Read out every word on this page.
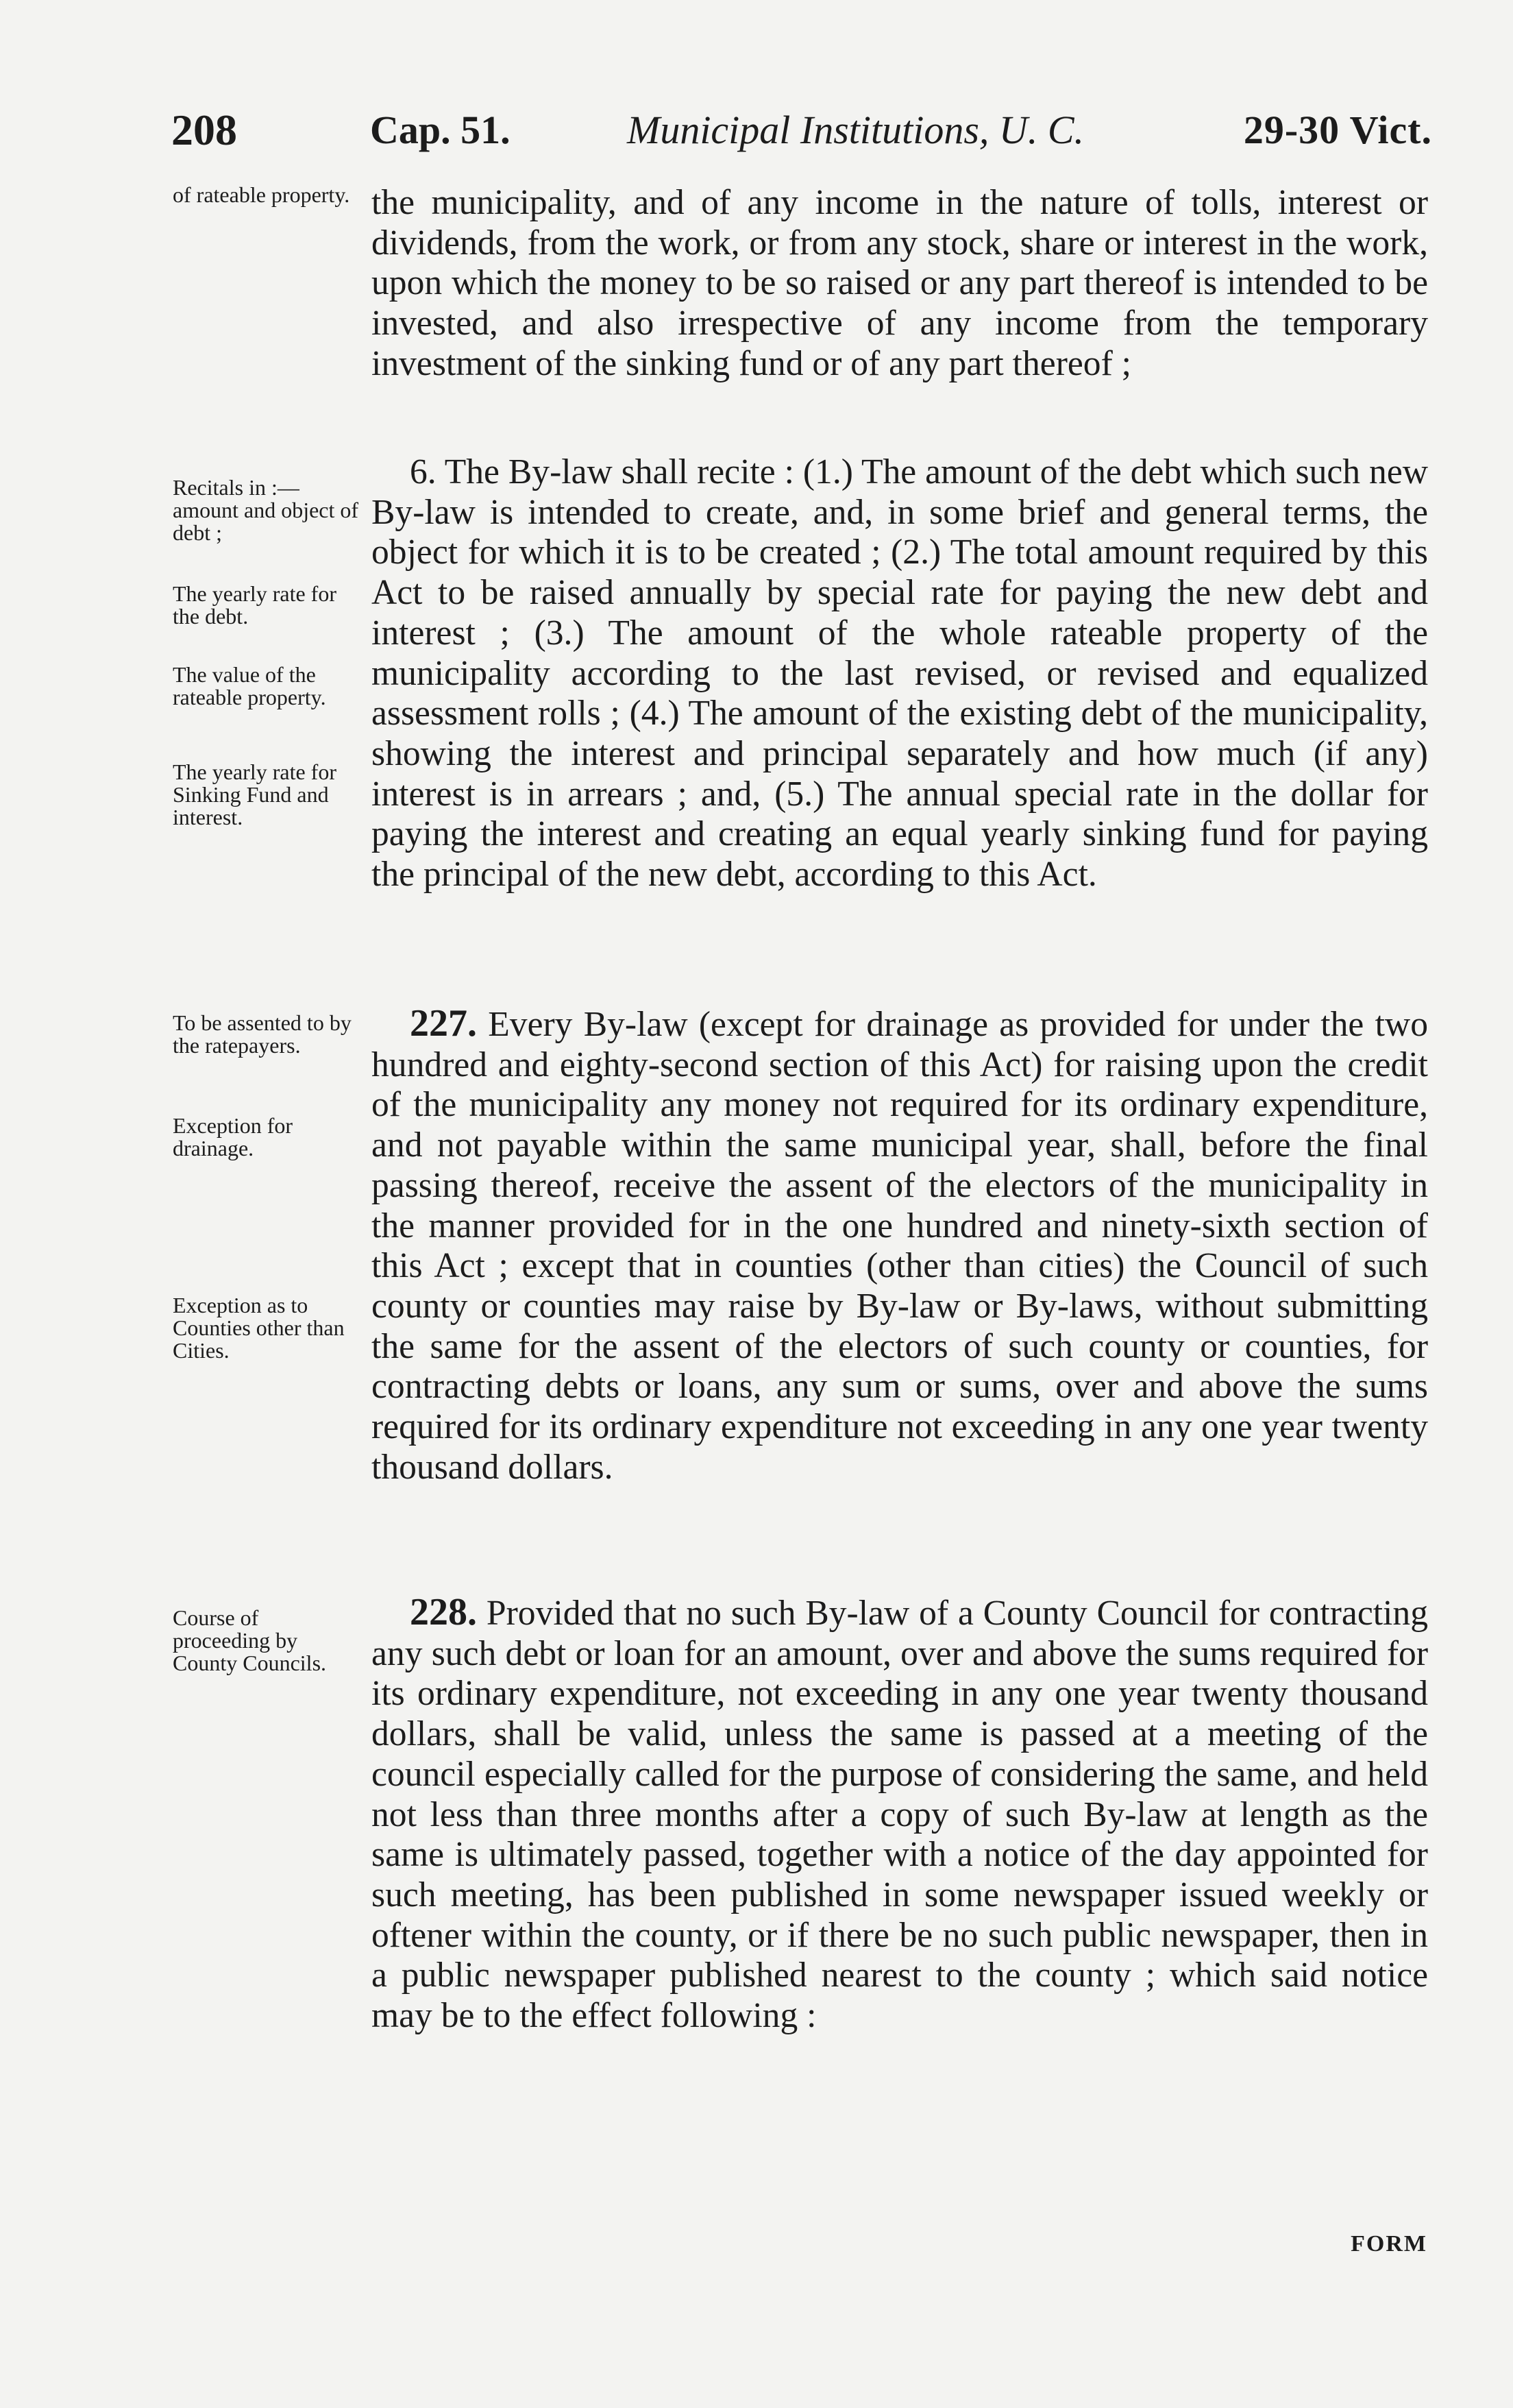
208	Cap. 51.	Municipal Institutions, U. C.	29-30 Vict.

of rateable property.

Recitals in :— amount and object of debt ;

The yearly rate for the debt.

The value of the rateable property.

The yearly rate for Sinking Fund and interest.

To be assented to by the ratepayers.

Exception for drainage.

Exception as to Counties other than Cities.

Course of proceeding by County Councils.

the municipality, and of any income in the nature of tolls, interest or dividends, from the work, or from any stock, share or interest in the work, upon which the money to be so raised or any part thereof is intended to be invested, and also irrespective of any income from the temporary investment of the sinking fund or of any part thereof ;

6. The By-law shall recite : (1.) The amount of the debt which such new By-law is intended to create, and, in some brief and general terms, the object for which it is to be created ; (2.) The total amount required by this Act to be raised annually by special rate for paying the new debt and interest ; (3.) The amount of the whole rateable property of the municipality according to the last revised, or revised and equalized assessment rolls ; (4.) The amount of the existing debt of the municipality, showing the interest and principal separately and how much (if any) interest is in arrears ; and, (5.) The annual special rate in the dollar for paying the interest and creating an equal yearly sinking fund for paying the principal of the new debt, according to this Act.

227. Every By-law (except for drainage as provided for under the two hundred and eighty-second section of this Act) for raising upon the credit of the municipality any money not required for its ordinary expenditure, and not payable within the same municipal year, shall, before the final passing thereof, receive the assent of the electors of the municipality in the manner provided for in the one hundred and ninety-sixth section of this Act ; except that in counties (other than cities) the Council of such county or counties may raise by By-law or By-laws, without submitting the same for the assent of the electors of such county or counties, for contracting debts or loans, any sum or sums, over and above the sums required for its ordinary expenditure not exceeding in any one year twenty thousand dollars.

228. Provided that no such By-law of a County Council for contracting any such debt or loan for an amount, over and above the sums required for its ordinary expenditure, not exceeding in any one year twenty thousand dollars, shall be valid, unless the same is passed at a meeting of the council especially called for the purpose of considering the same, and held not less than three months after a copy of such By-law at length as the same is ultimately passed, together with a notice of the day appointed for such meeting, has been published in some newspaper issued weekly or oftener within the county, or if there be no such public newspaper, then in a public newspaper published nearest to the county ; which said notice may be to the effect following :

FORM
